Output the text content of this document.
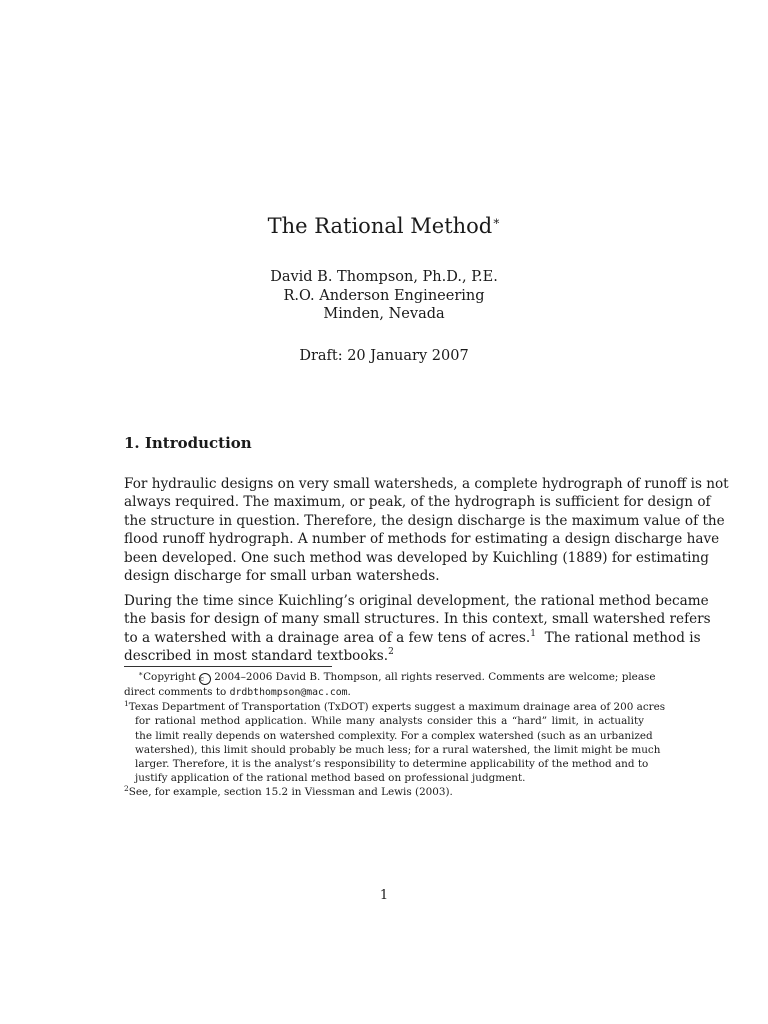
The Rational Method∗
David B. Thompson, Ph.D., P.E.
R.O. Anderson Engineering
Minden, Nevada
Draft: 20 January 2007
1. Introduction

For hydraulic designs on very small watersheds, a complete hydrograph of runoff is not
always required. The maximum, or peak, of the hydrograph is sufficient for design of
the structure in question. Therefore, the design discharge is the maximum value of the
flood runoff hydrograph. A number of methods for estimating a design discharge have
been developed. One such method was developed by Kuichling (1889) for estimating
design discharge for small urban watersheds.

During the time since Kuichling’s original development, the rational method became
the basis for design of many small structures. In this context, small watershed refers
to a watershed with a drainage area of a few tens of acres.$^1$ The rational method is
described in most standard textbooks.$^2$

∗Copyright c 2004–2006 David B. Thompson, all rights reserved. Comments are welcome; please
direct comments to drdbthompson@mac.com.
$^1$Texas Department of Transportation (TxDOT) experts suggest a maximum drainage area of 200 acres
for rational method application. While many analysts consider this a “hard” limit, in actuality
the limit really depends on watershed complexity. For a complex watershed (such as an urbanized
watershed), this limit should probably be much less; for a rural watershed, the limit might be much
larger. Therefore, it is the analyst’s responsibility to determine applicability of the method and to
justify application of the rational method based on professional judgment.
$^2$See, for example, section 15.2 in Viessman and Lewis (2003).
1
